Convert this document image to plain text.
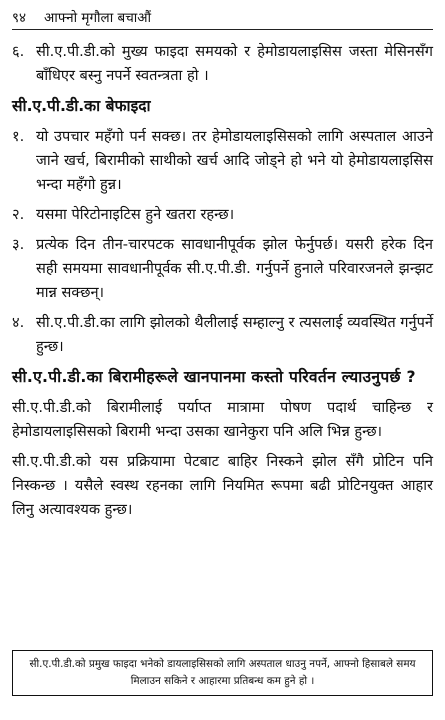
९४ आफ्नो मृगौला बचाऔं
६. सी.ए.पी.डी.को मुख्य फाइदा समयको र हेमोडायलाइसिस जस्ता मेसिनसँग बाँधिएर बस्नु नपर्ने स्वतन्त्रता हो ।
सी.ए.पी.डी.का बेफाइदा
१. यो उपचार महँगो पर्न सक्छ। तर हेमोडायलाइसिसको लागि अस्पताल आउने जाने खर्च, बिरामीको साथीको खर्च आदि जोड्ने हो भने यो हेमोडायलाइसिस भन्दा महँगो हुन्न।
२. यसमा पेरिटोनाइटिस हुने खतरा रहन्छ।
३. प्रत्येक दिन तीन-चारपटक सावधानीपूर्वक झोल फेर्नुपर्छ। यसरी हरेक दिन सही समयमा सावधानीपूर्वक सी.ए.पी.डी. गर्नुपर्ने हुनाले परिवारजनले झन्झट मान्न सक्छन्।
४. सी.ए.पी.डी.का लागि झोलको थैलीलाई सम्हाल्नु र त्यसलाई व्यवस्थित गर्नुपर्ने हुन्छ।
सी.ए.पी.डी.का बिरामीहरूले खानपानमा कस्तो परिवर्तन ल्याउनुपर्छ ?
सी.ए.पी.डी.को बिरामीलाई पर्याप्त मात्रामा पोषण पदार्थ चाहिन्छ र हेमोडायलाइसिसको बिरामी भन्दा उसका खानेकुरा पनि अलि भिन्न हुन्छ।
सी.ए.पी.डी.को यस प्रक्रियामा पेटबाट बाहिर निस्कने झोल सँगै प्रोटिन पनि निस्कन्छ । यसैले स्वस्थ रहनका लागि नियमित रूपमा बढी प्रोटिनयुक्त आहार लिनु अत्यावश्यक हुन्छ।
सी.ए.पी.डी.को प्रमुख फाइदा भनेको डायलाइसिसको लागि अस्पताल धाउनु नपर्ने, आफ्नो हिसाबले समय मिलाउन सकिने र आहारमा प्रतिबन्ध कम हुने हो ।
